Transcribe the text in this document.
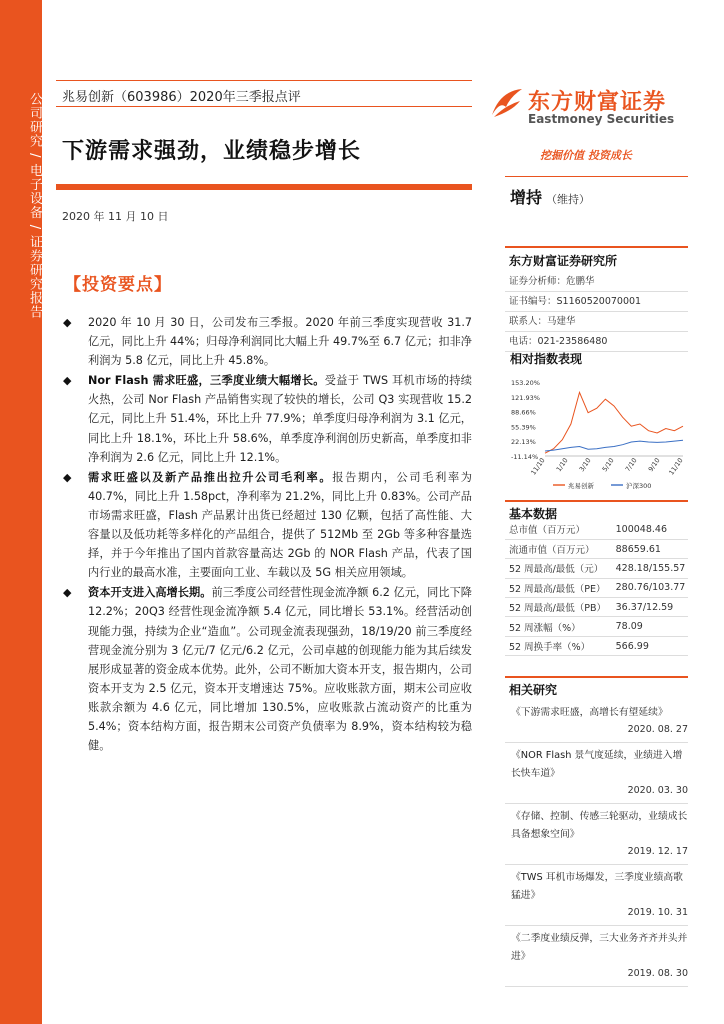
公司研究 / 电子设备 / 证券研究报告 兆易创新（603986）2020年三季报点评
下游需求强劲，业绩稳步增长
2020 年 11 月 10 日
【投资要点】
◆ 2020 年 10 月 30 日，公司发布三季报。2020 年前三季度实现营收 31.7 亿元，同比上升 44%；归母净利润同比大幅上升 49.7%至 6.7 亿元；扣非净利润为 5.8 亿元，同比上升 45.8%。
◆ Nor Flash 需求旺盛，三季度业绩大幅增长。受益于 TWS 耳机市场的持续火热，公司 Nor Flash 产品销售实现了较快的增长，公司 Q3 实现营收 15.2 亿元，同比上升 51.4%，环比上升 77.9%；单季度归母净利润为 3.1 亿元，同比上升 18.1%，环比上升 58.6%，单季度净利润创历史新高，单季度扣非净利润为 2.6 亿元，同比上升 12.1%。
◆ 需求旺盛以及新产品推出拉升公司毛利率。报告期内，公司毛利率为 40.7%，同比上升 1.58pct，净利率为 21.2%，同比上升 0.83%。公司产品市场需求旺盛，Flash 产品累计出货已经超过 130 亿颗，包括了高性能、大容量以及低功耗等多样化的产品组合，提供了 512Mb 至 2Gb 等多种容量选择，并于今年推出了国内首款容量高达 2Gb 的 NOR Flash 产品，代表了国内行业的最高水准，主要面向工业、车载以及 5G 相关应用领域。
◆ 资本开支进入高增长期。前三季度公司经营性现金流净额 6.2 亿元，同比下降 12.2%；20Q3 经营性现金流净额 5.4 亿元，同比增长 53.1%。经营活动创现能力强，持续为企业“造血”。公司现金流表现强劲，18/19/20 前三季度经营现金流分别为 3 亿元/7 亿元/6.2 亿元，公司卓越的创现能力能为其后续发展形成显著的资金成本优势。此外，公司不断加大资本开支，报告期内，公司资本开支为 2.5 亿元，资本开支增速达 75%。应收账款方面，期末公司应收账款余额为 4.6 亿元，同比增加 130.5%，应收账款占流动资产的比重为 5.4%；资本结构方面，报告期末公司资产负债率为 8.9%，资本结构较为稳健。
东方财富证券
Eastmoney Securities
挖掘价值 投资成长
增持 （维持）
东方财富证券研究所
证券分析师：危鹏华
证书编号：S1160520070001
联系人：马建华
电话：021-23586480
相对指数表现
153.20%
121.93%
88.66%
55.39%
22.13%
-11.14%
11/10 1/10 3/10 5/10 7/10 9/10 11/10
兆易创新	沪深300
基本数据
总市值（百万元）	100048.46
流通市值（百万元）	88659.61
52 周最高/最低（元）	428.18/155.57
52 周最高/最低（PE）	280.76/103.77
52 周最高/最低（PB）	36.37/12.59
52 周涨幅（%）	78.09
52 周换手率（%）	566.99
相关研究
《下游需求旺盛，高增长有望延续》
2020. 08. 27
《NOR Flash 景气度延续，业绩进入增长快车道》
2020. 03. 30
《存储、控制、传感三轮驱动，业绩成长具备想象空间》
2019. 12. 17
《TWS 耳机市场爆发，三季度业绩高歌猛进》
2019. 10. 31
《二季度业绩反弹，三大业务齐齐并头并进》
2019. 08. 30
